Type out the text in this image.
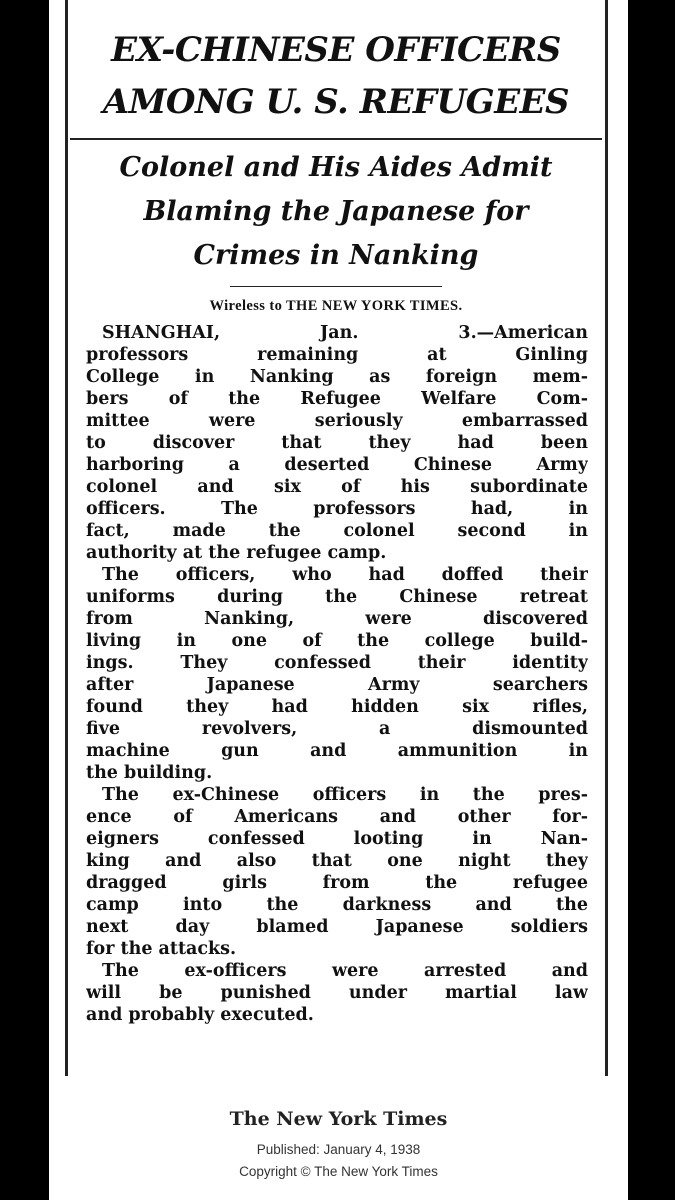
EX-CHINESE OFFICERS
AMONG U. S. REFUGEES
Colonel and His Aides Admit
Blaming the Japanese for
Crimes in Nanking
Wireless to THE NEW YORK TIMES.
SHANGHAI, Jan. 3.—American
professors remaining at Ginling
College in Nanking as foreign mem-
bers of the Refugee Welfare Com-
mittee were seriously embarrassed
to discover that they had been
harboring a deserted Chinese Army
colonel and six of his subordinate
officers. The professors had, in
fact, made the colonel second in
authority at the refugee camp.
The officers, who had doffed their
uniforms during the Chinese retreat
from Nanking, were discovered
living in one of the college build-
ings. They confessed their identity
after Japanese Army searchers
found they had hidden six rifles,
five revolvers, a dismounted
machine gun and ammunition in
the building.
The ex-Chinese officers in the pres-
ence of Americans and other for-
eigners confessed looting in Nan-
king and also that one night they
dragged girls from the refugee
camp into the darkness and the
next day blamed Japanese soldiers
for the attacks.
The ex-officers were arrested and
will be punished under martial law
and probably executed.
The New York Times
Published: January 4, 1938
Copyright © The New York Times
